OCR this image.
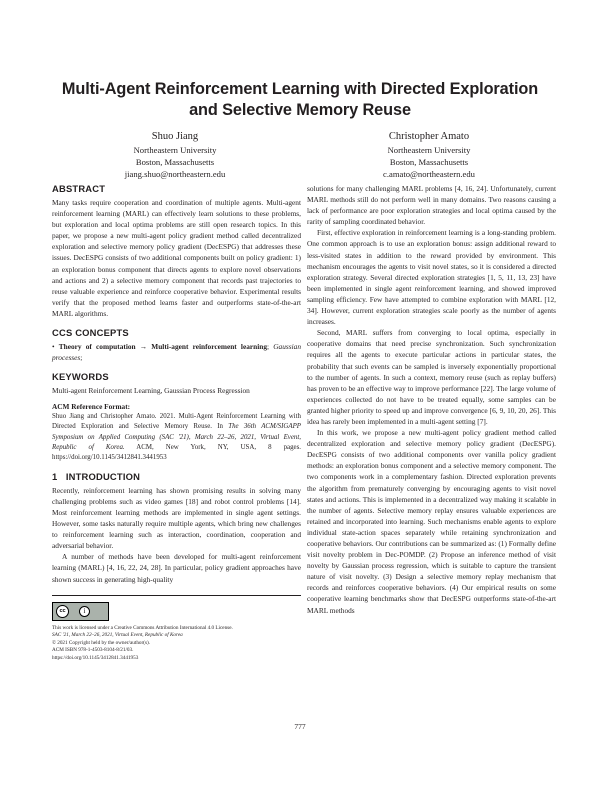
Multi-Agent Reinforcement Learning with Directed Exploration
and Selective Memory Reuse
Shuo Jiang
Northeastern University
Boston, Massachusetts
jiang.shuo@northeastern.edu
Christopher Amato
Northeastern University
Boston, Massachusetts
c.amato@northeastern.edu
ABSTRACT

Many tasks require cooperation and coordination of multiple agents. Multi-agent reinforcement learning (MARL) can effectively learn solutions to these problems, but exploration and local optima problems are still open research topics. In this paper, we propose a new multi-agent policy gradient method called decentralized exploration and selective memory policy gradient (DecESPG) that addresses these issues. DecESPG consists of two additional components built on policy gradient: 1) an exploration bonus component that directs agents to explore novel observations and actions and 2) a selective memory component that records past trajectories to reuse valuable experience and reinforce cooperative behavior. Experimental results verify that the proposed method learns faster and outperforms state-of-the-art MARL algorithms.

CCS CONCEPTS

• Theory of computation → Multi-agent reinforcement learning; Gaussian processes;

KEYWORDS

Multi-agent Reinforcement Learning, Gaussian Process Regression

ACM Reference Format:

Shuo Jiang and Christopher Amato. 2021. Multi-Agent Reinforcement Learning with Directed Exploration and Selective Memory Reuse. In The 36th ACM/SIGAPP Symposium on Applied Computing (SAC '21), March 22–26, 2021, Virtual Event, Republic of Korea. ACM, New York, NY, USA, 8 pages. https://doi.org/10.1145/3412841.3441953

1   INTRODUCTION

Recently, reinforcement learning has shown promising results in solving many challenging problems such as video games [18] and robot control problems [14]. Most reinforcement learning methods are implemented in single agent settings. However, some tasks naturally require multiple agents, which bring new challenges to reinforcement learning such as interaction, coordination, cooperation and adversarial behavior.

A number of methods have been developed for multi-agent reinforcement learning (MARL) [4, 16, 22, 24, 28]. In particular, policy gradient approaches have shown success in generating high-quality

cc	i
This work is licensed under a Creative Commons Attribution International 4.0 License.
SAC '21, March 22–26, 2021, Virtual Event, Republic of Korea
© 2021 Copyright held by the owner/author(s).
ACM ISBN 978-1-4503-8104-8/21/03.
https://doi.org/10.1145/3412841.3441953

solutions for many challenging MARL problems [4, 16, 24]. Unfortunately, current MARL methods still do not perform well in many domains. Two reasons causing a lack of performance are poor exploration strategies and local optima caused by the rarity of sampling coordinated behavior.

First, effective exploration in reinforcement learning is a long-standing problem. One common approach is to use an exploration bonus: assign additional reward to less-visited states in addition to the reward provided by environment. This mechanism encourages the agents to visit novel states, so it is considered a directed exploration strategy. Several directed exploration strategies [1, 5, 11, 13, 23] have been implemented in single agent reinforcement learning, and showed improved sampling efficiency. Few have attempted to combine exploration with MARL [12, 34]. However, current exploration strategies scale poorly as the number of agents increases.

Second, MARL suffers from converging to local optima, especially in cooperative domains that need precise synchronization. Such synchronization requires all the agents to execute particular actions in particular states, the probability that such events can be sampled is inversely exponentially proportional to the number of agents. In such a context, memory reuse (such as replay buffers) has proven to be an effective way to improve performance [22]. The large volume of experiences collected do not have to be treated equally, some samples can be granted higher priority to speed up and improve convergence [6, 9, 10, 20, 26]. This idea has rarely been implemented in a multi-agent setting [7].

In this work, we propose a new multi-agent policy gradient method called decentralized exploration and selective memory policy gradient (DecESPG). DecESPG consists of two additional components over vanilla policy gradient methods: an exploration bonus component and a selective memory component. The two components work in a complementary fashion. Directed exploration prevents the algorithm from prematurely converging by encouraging agents to visit novel states and actions. This is implemented in a decentralized way making it scalable in the number of agents. Selective memory replay ensures valuable experiences are retained and incorporated into learning. Such mechanisms enable agents to explore individual state-action spaces separately while retaining synchronization and cooperative behaviors. Our contributions can be summarized as: (1) Formally define visit novelty problem in Dec-POMDP. (2) Propose an inference method of visit novelty by Gaussian process regression, which is suitable to capture the transient nature of visit novelty. (3) Design a selective memory replay mechanism that records and reinforces cooperative behaviors. (4) Our empirical results on some cooperative learning benchmarks show that DecESPG outperforms state-of-the-art MARL methods

777
